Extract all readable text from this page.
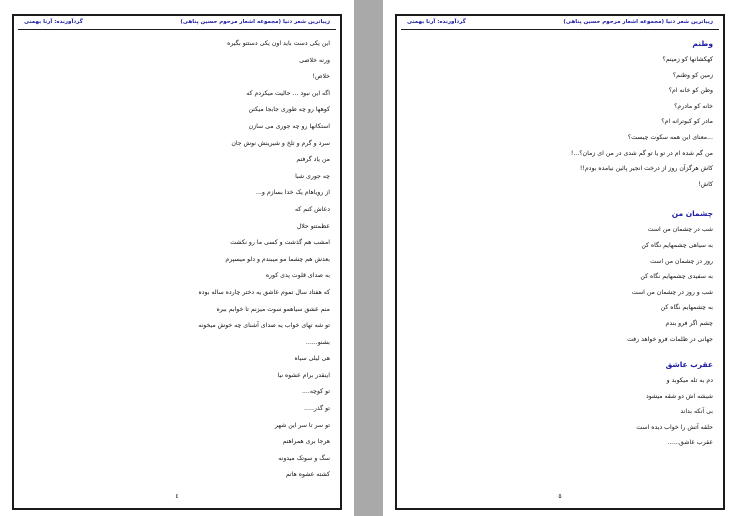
زیباترین شعر دنیا (مجموعه اشعار مرحوم حسین پناهی)
گردآورنده: آرنا بهمنی
این یکی دست باید اون یکی دستتو بگیره
ورنه خلاصی
خلاص!
اگه این نبود ... حالیت میکردم که
کوهها رو چه طوری جابجا میکنن
استکانها رو چه جوری می سازن
سرد و گرم و تلخ و شیرینش نوش جان
من یاد گرفتم
چه جوری شبا
از رویاهام یک خدا بسازم و...
دعاش کنم که
عظمتتو حلال
امشب هم گذشت و کسی ما رو نکشت
بعدش هم چشما مو میبندم و دلو میسپرم
به صدای قلوت پدی کوره
که هفتاد سال تموم عاشق یه دختر چارده ساله بوده
منم عشق سیاهمو سوت میزنم تا خوابم ببره
تو شه تهای خواب یه صدای آشنای چه خوش میخونه
بشنو......
هی لیلی سیاه
اینقدر برام عشوه نیا
تو کوچه....
تو گذر.....
تو سر تا سر این شهر
هرجا بری همراهتم
سگ و سوتک میدونه
کشته عشوه هاتم
٤
زیباترین شعر دنیا (مجموعه اشعار مرحوم حسین پناهی)
گردآورنده: آرنا بهمنی
وطنم
کهکشانها کو زمینم؟
زمین کو وطنم؟
وطن کو خانه ام؟
خانه کو مادرم؟
مادر کو کبوترانه ام؟
...معنای این همه سکوت چیست؟
من گم شده ام در تو یا تو گم شدی در من ای زمان؟...!
کاش هرگزآن روز از درخت انجیر پائین نیامده بودم!!
کاش!
چشمان من
شب در چشمان من است
به سیاهی چشمهایم نگاه کن
روز در چشمان من است
به سفیدی چشمهایم نگاه کن
شب و روز در چشمان من است
به چشمهایم نگاه کن
چشم اگر فرو بندم
جهانی در ظلمات فرو خواهد رفت
عقرب عاشق
دم به تله میکوبد و
شیشه اش دو شقه میشود
بی آنکه بداند
حلقه آتش را خواب دیده است
عقرب عاشق......
٥
